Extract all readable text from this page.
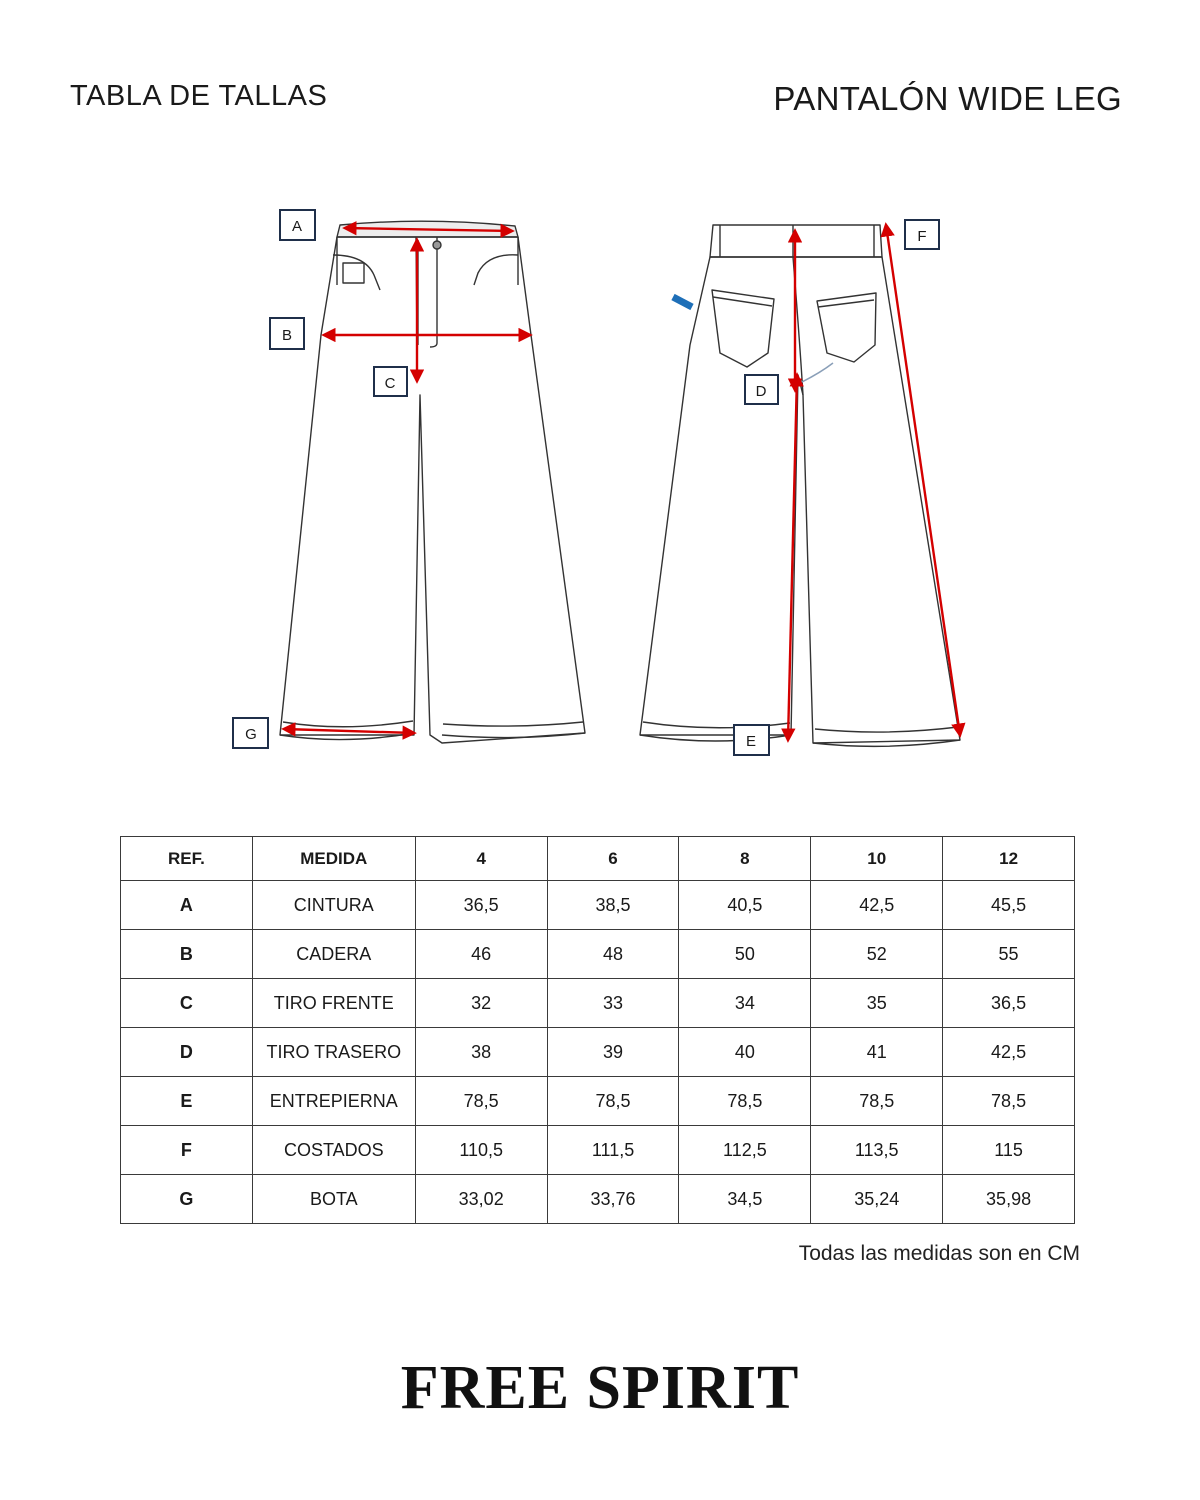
TABLA DE TALLAS	PANTALÓN WIDE LEG
A
B
C	D
E
F
G
REF.	MEDIDA	4	6	8	10	12
A	CINTURA	36,5	38,5	40,5	42,5	45,5
B	CADERA	46	48	50	52	55
C	TIRO FRENTE	32	33	34	35	36,5
D	TIRO TRASERO	38	39	40	41	42,5
E	ENTREPIERNA	78,5	78,5	78,5	78,5	78,5
F	COSTADOS	110,5	111,5	112,5	113,5	115
G	BOTA	33,02	33,76	34,5	35,24	35,98
Todas las medidas son en CM
FREE SPIRIT
